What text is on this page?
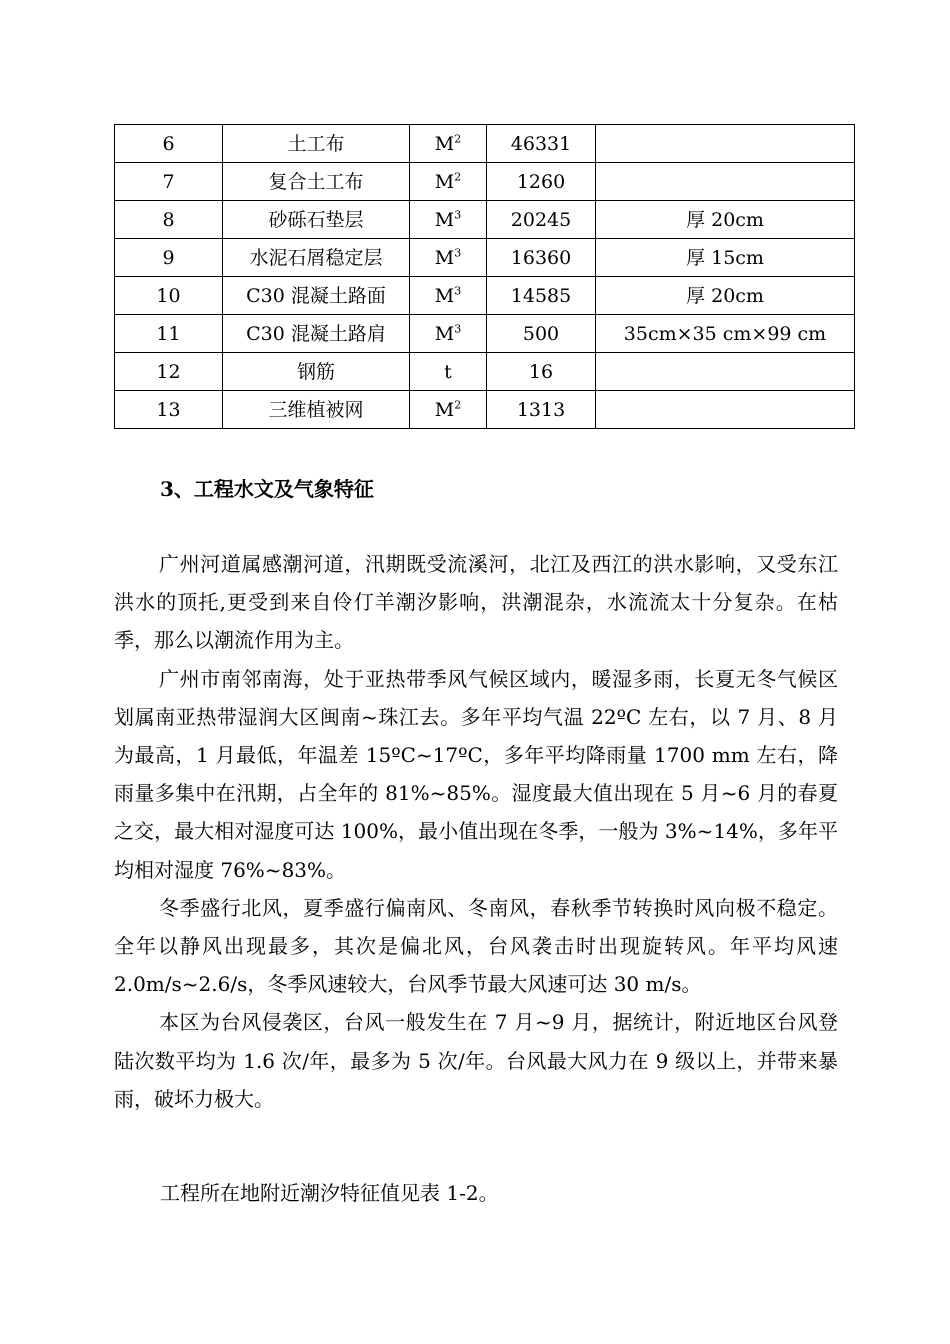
6	土工布	$M^2$	46331	
7	复合土工布	$M^2$	1260	
8	砂砾石垫层	$M^3$	20245	厚 20cm
9	水泥石屑稳定层	$M^3$	16360	厚 15cm
10	C30 混凝土路面	$M^3$	14585	厚 20cm
11	C30 混凝土路肩	$M^3$	500	35cm×35 cm×99 cm
12	钢筋	t	16	
13	三维植被网	$M^2$	1313	
3、工程水文及气象特征

广州河道属感潮河道，汛期既受流溪河，北江及西江的洪水影响，又受东江洪水的顶托,更受到来自伶仃羊潮汐影响，洪潮混杂，水流流太十分复杂。在枯季，那么以潮流作用为主。

广州市南邻南海，处于亚热带季风气候区域内，暖湿多雨，长夏无冬气候区划属南亚热带湿润大区闽南~珠江去。多年平均气温 22ºC 左右，以 7 月、8 月为最高，1 月最低，年温差 15ºC~17ºC，多年平均降雨量 1700 mm 左右，降雨量多集中在汛期，占全年的 81%~85%。湿度最大值出现在 5 月~6 月的春夏之交，最大相对湿度可达 100%，最小值出现在冬季，一般为 3%~14%，多年平均相对湿度 76%~83%。

冬季盛行北风，夏季盛行偏南风、冬南风，春秋季节转换时风向极不稳定。全年以静风出现最多，其次是偏北风，台风袭击时出现旋转风。年平均风速 2.0m/s~2.6/s，冬季风速较大，台风季节最大风速可达 30 m/s。

本区为台风侵袭区，台风一般发生在 7 月~9 月，据统计，附近地区台风登陆次数平均为 1.6 次/年，最多为 5 次/年。台风最大风力在 9 级以上，并带来暴雨，破坏力极大。

工程所在地附近潮汐特征值见表 1-2。
